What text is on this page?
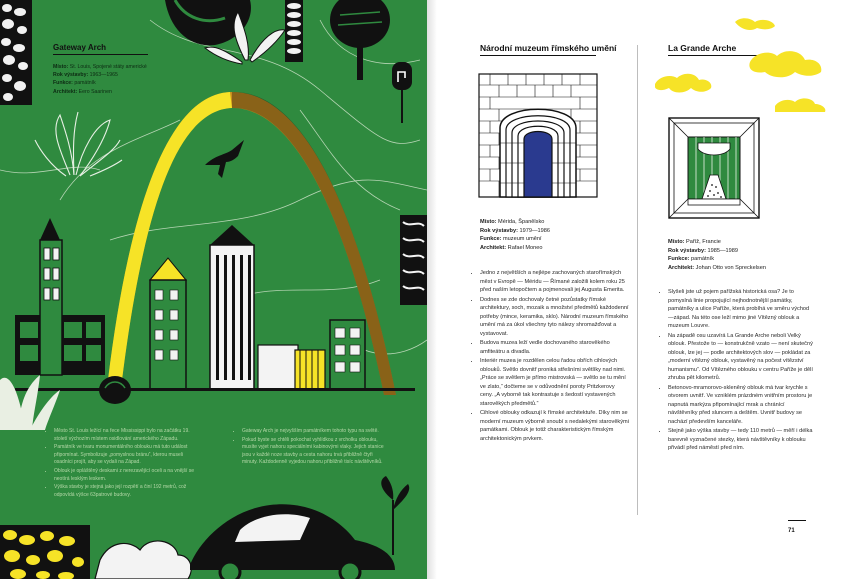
Gateway Arch
Místo: St. Louis, Spojené státy americké
Rok výstavby: 1963—1965
Funkce: památník
Architekt: Eero Saarinen
• Město St. Louis ležící na řece Mississippi bylo na začátku 19. století výchozím místem osidlování amerického Západu.
• Památník ve tvaru monumentálního oblouku má tuto událost připomínat. Symbolizuje „pomyslnou bránu“, kterou museli osadníci projít, aby se vydali na Západ.
• Oblouk je opláštěný deskami z nerezavějící oceli a na vnější se neotírá lesklým leskem.
• Výška stavby je stejná jako její rozpětí a činí 192 metrů, což odpovídá výšce 63patrové budovy.
• Gateway Arch je nejvyšším památníkem tohoto typu na světě.
• Pokud byste se chtěli pokochat vyhlídkou z vrcholku oblouku, musíte vyjet nahoru speciálními kabinovými vlaky. Jejich stanice jsou v každé noze stavby a cesta nahoru trvá přibližně čtyři minuty. Každodenně vyjedou nahoru přibližně tisíc návštěvníků.
Národní muzeum římského umění
Místo: Mérida, Španělsko
Rok výstavby: 1979—1986
Funkce: muzeum umění
Architekt: Rafael Moneo
• Jedno z největších a nejlépe zachovaných starořímských měst v Evropě — Méridu — Římané založili kolem roku 25 před naším letopočtem a pojmenovali jej Augusta Emerita.
• Dodnes se zde dochovaly četné pozůstatky římské architektury, soch, mozaik a množství předmětů každodenní potřeby (mince, keramika, sklo). Národní muzeum římského umění má za úkol všechny tyto nálezy shromažďovat a vystavovat.
• Budova muzea leží vedle dochovaného starověkého amfiteátru a divadla.
• Interiér muzea je rozdělen celou řadou obřích cihlových oblouků. Světlo dovnitř proniká střešními světlíky nad nimi. „Práce se světlem je přímo mistrovská — světlo se tu mění ve zlato,“ dočteme se v odůvodnění poroty Pritzkerovy ceny. „A vyborně tak kontrastuje s šedostí vystavených starověkých předmětů.“
• Cihlové oblouky odkazují k římské architektuře. Díky nim se moderní muzeum výborně snoubí s nedalekými starověkými památkami. Oblouk je totiž charakteristickým římským architektonickým prvkem.
La Grande Arche
Místo: Paříž, Francie
Rok výstavby: 1985—1989
Funkce: památník
Architekt: Johan Otto von Spreckelsen
• Slyšeli jste už pojem pařížská historická osa? Je to pomyslná linie propojující nejhodnotnější památky, památníky a ulice Paříže, která probíhá ve směru východ—západ. Na této ose leží mimo jiné Vítězný oblouk a muzeum Louvre.
• Na západě osu uzavírá La Grande Arche neboli Velký oblouk. Přestože to — konstrukčně vzato — není skutečný oblouk, lze jej — podle architektových slov — pokládat za „moderní vítězný oblouk, vystavěný na počest vítězství humanismu“. Od Vítězného oblouku v centru Paříže je dělí zhruba pět kilometrů.
• Betonovo-mramorovo-skleněný oblouk má tvar krychle s otvorem uvnitř. Ve vzniklém prázdném vnitřním prostoru je napnutá markýza připomínající mrak a chránící návštěvníky před sluncem a deštěm. Uvnitř budovy se nachází především kanceláře.
• Stejně jako výška stavby — tedy 110 metrů — měří i délka barevně vyznačené stezky, která návštěvníky k oblouku přivádí před náměstí před ním.
71
